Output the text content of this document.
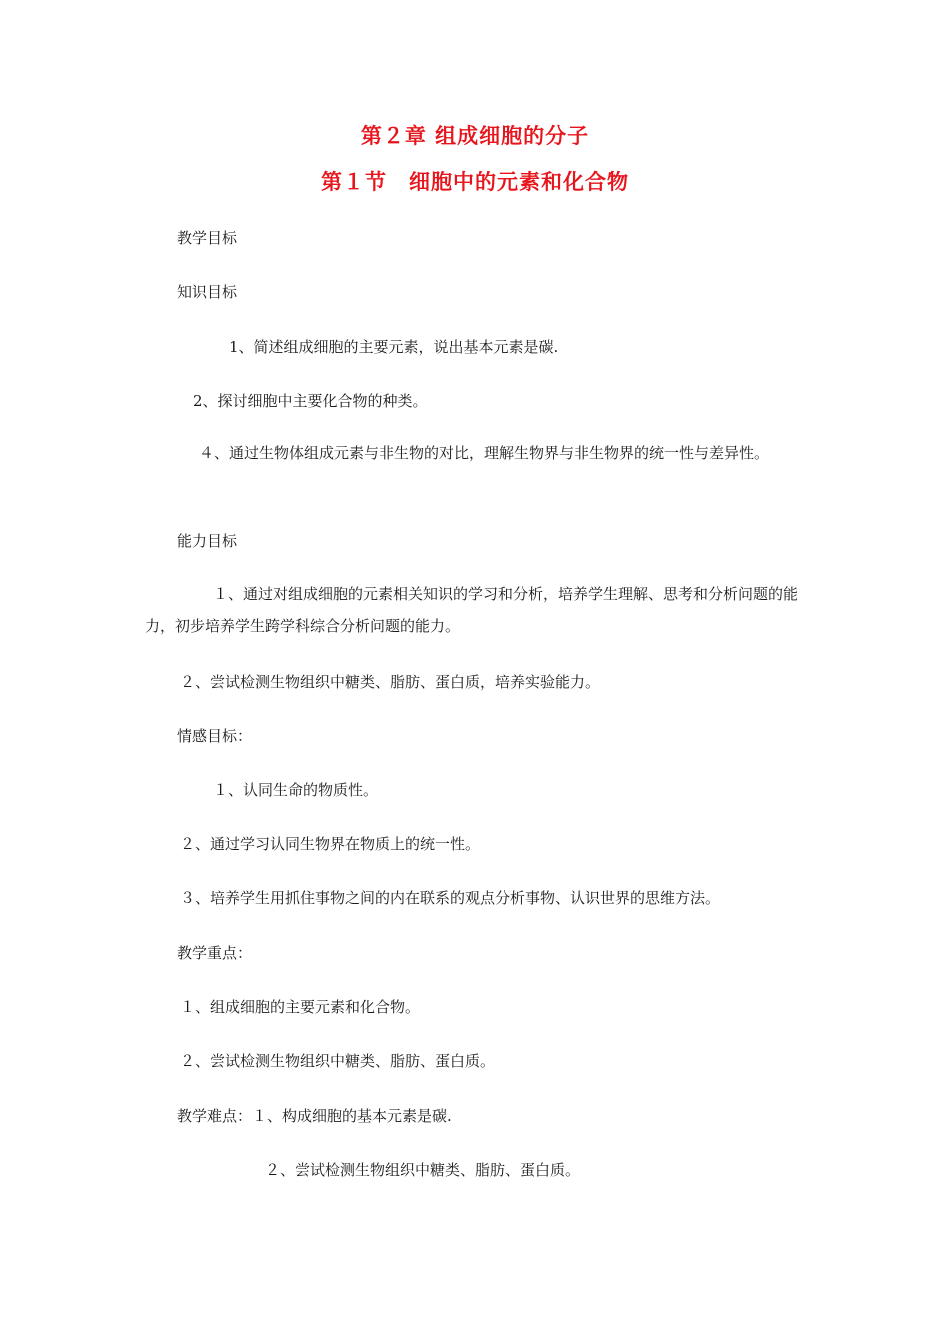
第２章 组成细胞的分子
第１节　细胞中的元素和化合物
教学目标
知识目标
1、简述组成细胞的主要元素，说出基本元素是碳.
2、探讨细胞中主要化合物的种类。
４、通过生物体组成元素与非生物的对比，理解生物界与非生物界的统一性与差异性。
能力目标
１、通过对组成细胞的元素相关知识的学习和分析，培养学生理解、思考和分析问题的能力，初步培养学生跨学科综合分析问题的能力。
２、尝试检测生物组织中糖类、脂肪、蛋白质，培养实验能力。
情感目标：
１、认同生命的物质性。
２、通过学习认同生物界在物质上的统一性。
３、培养学生用抓住事物之间的内在联系的观点分析事物、认识世界的思维方法。
教学重点：
１、组成细胞的主要元素和化合物。
２、尝试检测生物组织中糖类、脂肪、蛋白质。
教学难点：１、构成细胞的基本元素是碳.
２、尝试检测生物组织中糖类、脂肪、蛋白质。
